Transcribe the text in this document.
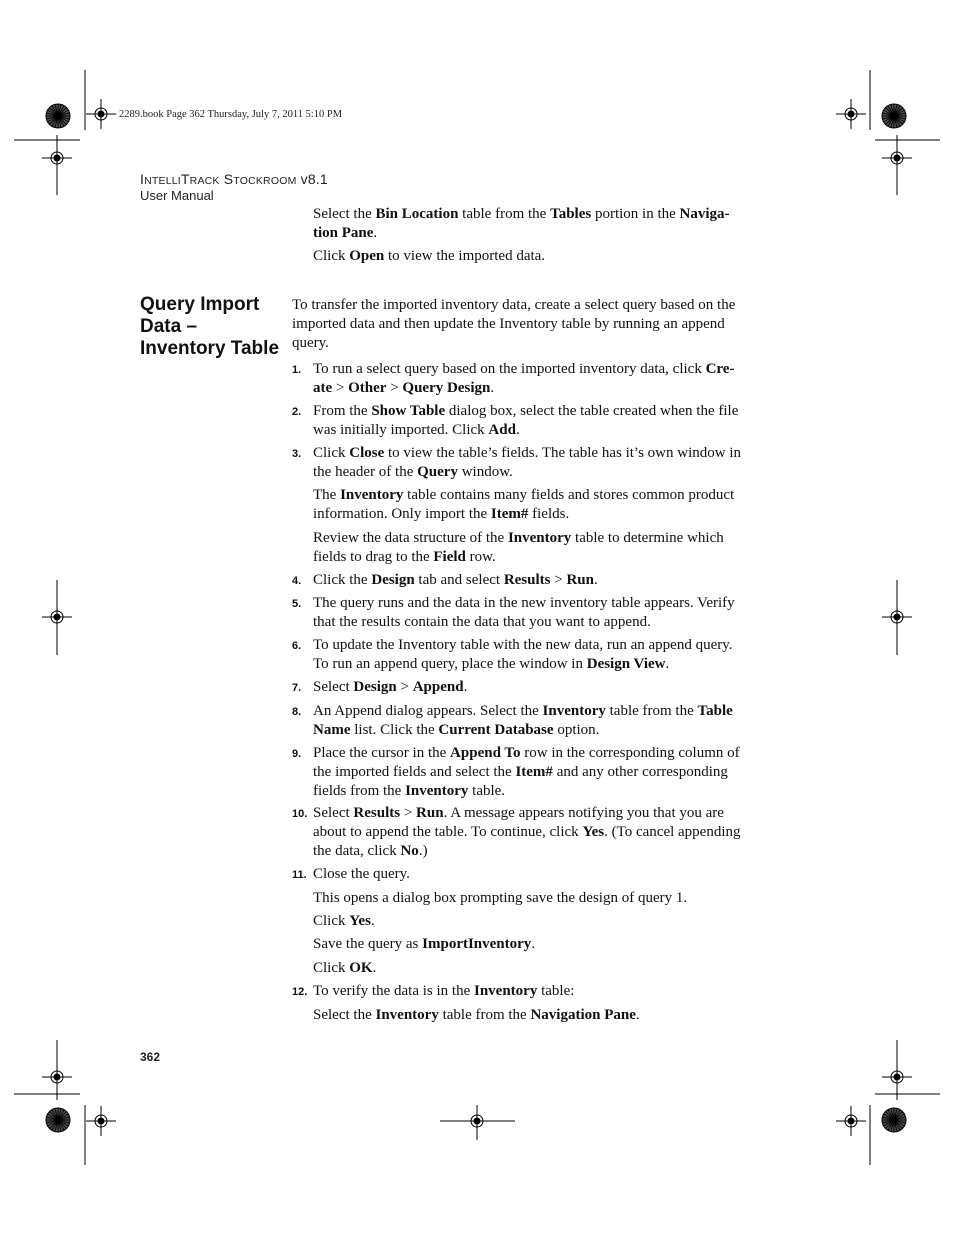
2289.book Page 362 Thursday, July 7, 2011 5:10 PM
INTELLITRACK STOCKROOM v8.1
User Manual
Query Import Data – Inventory Table
Select the Bin Location table from the Tables portion in the Naviga-
tion Pane.
Click Open to view the imported data.
To transfer the imported inventory data, create a select query based on the
imported data and then update the Inventory table by running an append
query.
To run a select query based on the imported inventory data, click Cre-
ate > Other > Query Design.
1.
From the Show Table dialog box, select the table created when the file
was initially imported. Click Add.
2.
Click Close to view the table’s fields. The table has it’s own window in
the header of the Query window.
3.
The Inventory table contains many fields and stores common product
information. Only import the Item# fields.
Review the data structure of the Inventory table to determine which
fields to drag to the Field row.
Click the Design tab and select Results > Run.
4.
The query runs and the data in the new inventory table appears. Verify
that the results contain the data that you want to append.
5.
To update the Inventory table with the new data, run an append query.
To run an append query, place the window in Design View.
6.
Select Design > Append.
7.
An Append dialog appears. Select the Inventory table from the Table
Name list. Click the Current Database option.
8.
Place the cursor in the Append To row in the corresponding column of
the imported fields and select the Item# and any other corresponding
fields from the Inventory table.
9.
Select Results > Run. A message appears notifying you that you are
about to append the table. To continue, click Yes. (To cancel appending
the data, click No.)
10.
Close the query.
11.
This opens a dialog box prompting save the design of query 1.
Click Yes.
Save the query as ImportInventory.
Click OK.
To verify the data is in the Inventory table:
12.
Select the Inventory table from the Navigation Pane.
362
